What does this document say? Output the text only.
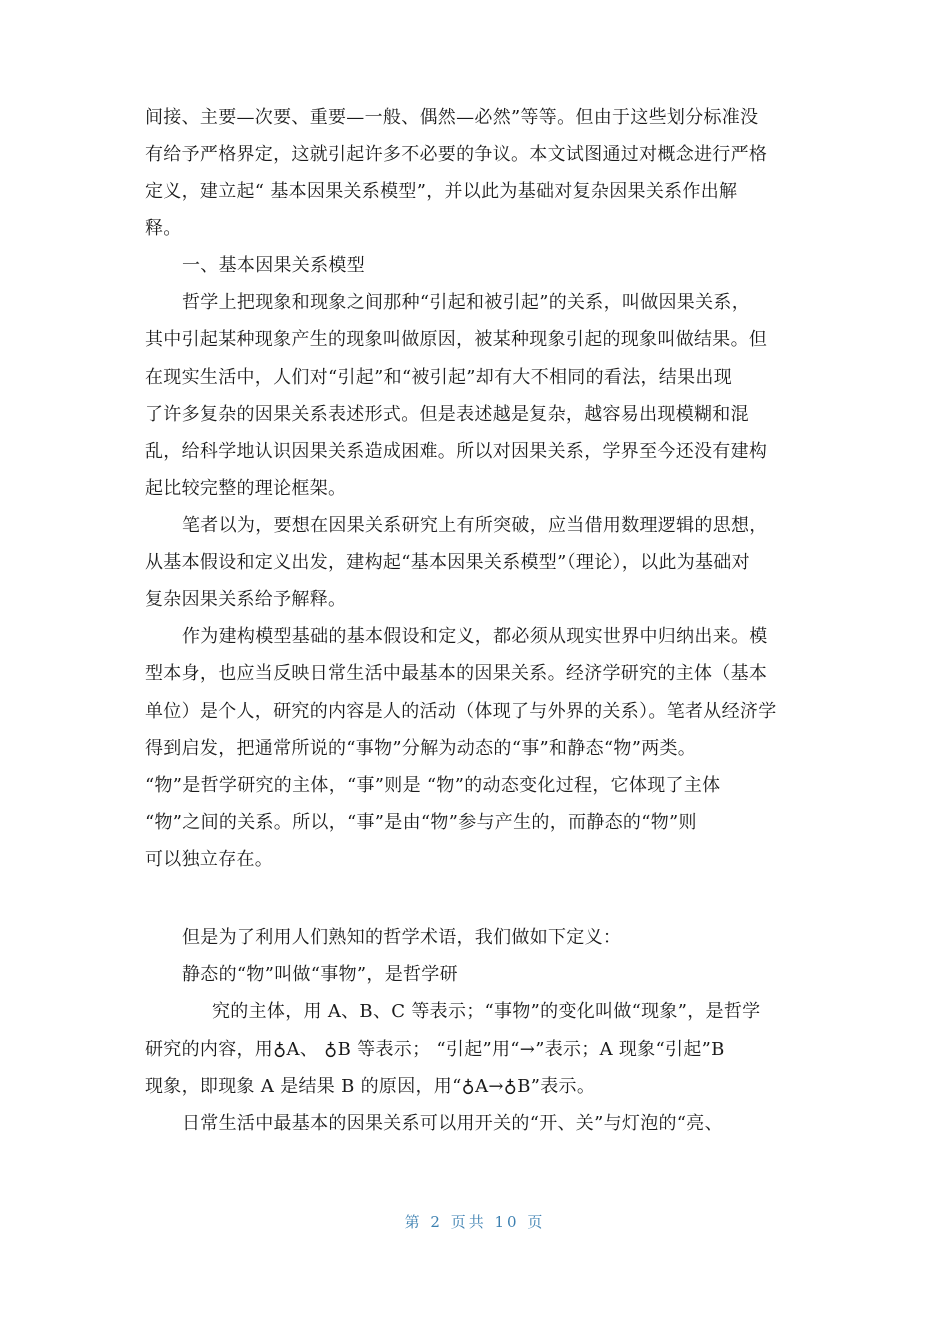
间接、主要—次要、重要—一般、偶然—必然”等等。但由于这些划分标准没
有给予严格界定，这就引起许多不必要的争议。本文试图通过对概念进行严格
定义，建立起“ 基本因果关系模型”，并以此为基础对复杂因果关系作出解
释。
一、基本因果关系模型
哲学上把现象和现象之间那种“引起和被引起”的关系，叫做因果关系，
其中引起某种现象产生的现象叫做原因，被某种现象引起的现象叫做结果。但
在现实生活中，人们对“引起”和“被引起”却有大不相同的看法，结果出现
了许多复杂的因果关系表述形式。但是表述越是复杂，越容易出现模糊和混
乱，给科学地认识因果关系造成困难。所以对因果关系，学界至今还没有建构
起比较完整的理论框架。
笔者以为，要想在因果关系研究上有所突破，应当借用数理逻辑的思想，
从基本假设和定义出发，建构起“基本因果关系模型”（理论），以此为基础对
复杂因果关系给予解释。
作为建构模型基础的基本假设和定义，都必须从现实世界中归纳出来。模
型本身，也应当反映日常生活中最基本的因果关系。经济学研究的主体（基本
单位）是个人，研究的内容是人的活动（体现了与外界的关系）。笔者从经济学
得到启发，把通常所说的“事物”分解为动态的“事”和静态“物”两类。
“物”是哲学研究的主体，“事”则是 “物”的动态变化过程，它体现了主体
“物”之间的关系。所以，“事”是由“物”参与产生的，而静态的“物”则
可以独立存在。
但是为了利用人们熟知的哲学术语，我们做如下定义：
静态的“物”叫做“事物”，是哲学研
究的主体，用 A、B、C 等表示；“事物”的变化叫做“现象”，是哲学
研究的内容，用♁A、 ♁B 等表示； “引起”用“→”表示；A 现象“引起”B
现象，即现象 A 是结果 B 的原因，用“♁A→♁B”表示。
日常生活中最基本的因果关系可以用开关的“开、关”与灯泡的“亮、
第 2 页共 10 页
